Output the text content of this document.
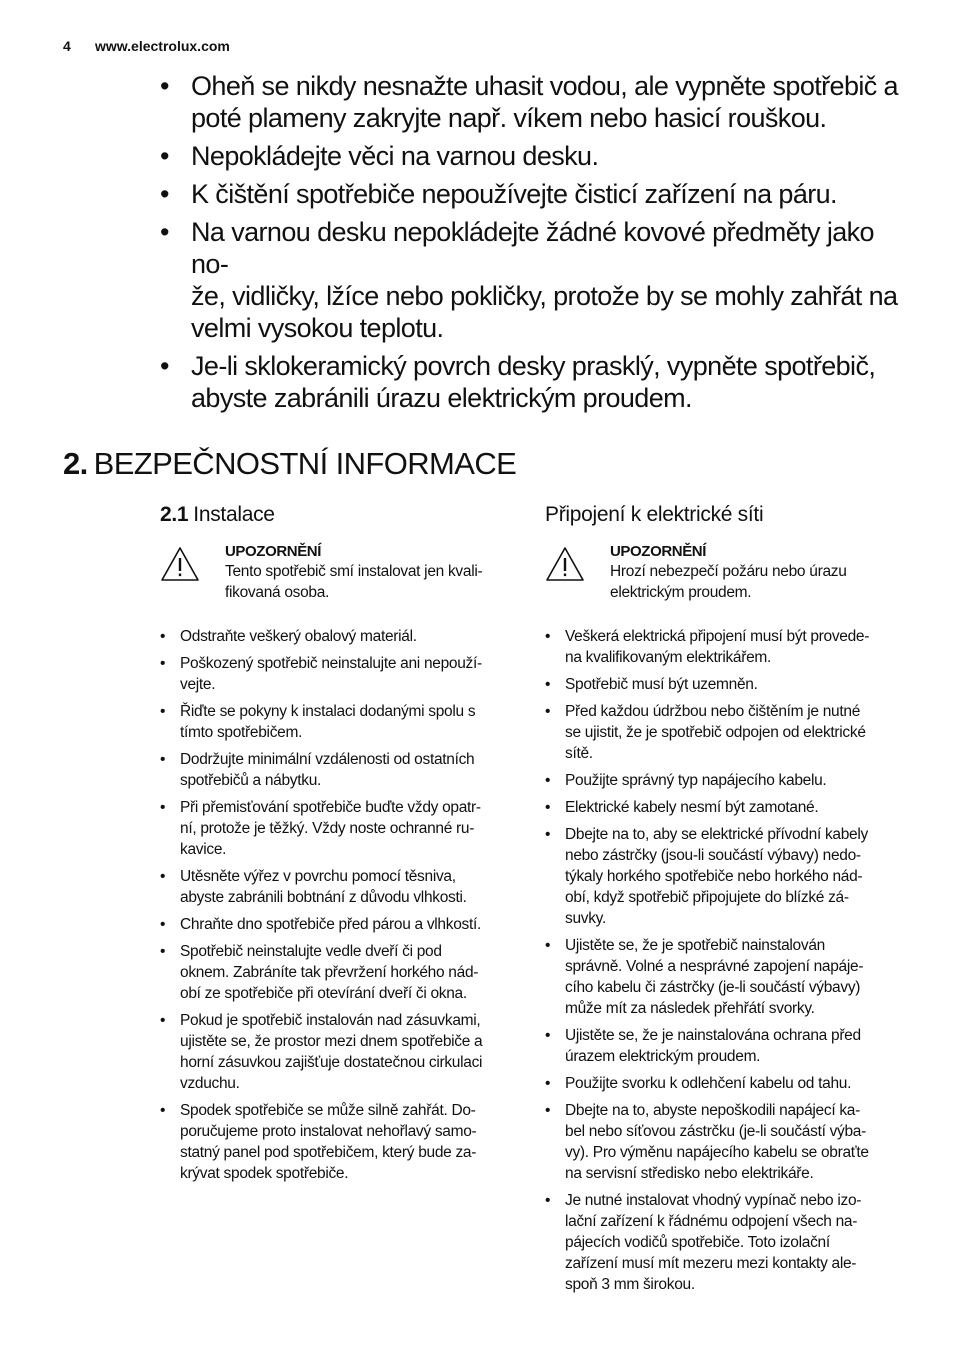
4 www.electrolux.com
• Oheň se nikdy nesnažte uhasit vodou, ale vypněte spotřebič a
poté plameny zakryjte např. víkem nebo hasicí rouškou.
• Nepokládejte věci na varnou desku.
• K čištění spotřebiče nepoužívejte čisticí zařízení na páru.
• Na varnou desku nepokládejte žádné kovové předměty jako no-
že, vidličky, lžíce nebo pokličky, protože by se mohly zahřát na
velmi vysokou teplotu.
• Je-li sklokeramický povrch desky prasklý, vypněte spotřebič,
abyste zabránili úrazu elektrickým proudem.
2. BEZPEČNOSTNÍ INFORMACE
2.1 Instalace
UPOZORNĚNÍ
Tento spotřebič smí instalovat jen kvali-
fikovaná osoba.
• Odstraňte veškerý obalový materiál.
• Poškozený spotřebič neinstalujte ani nepouží-
vejte.
• Řiďte se pokyny k instalaci dodanými spolu s
tímto spotřebičem.
• Dodržujte minimální vzdálenosti od ostatních
spotřebičů a nábytku.
• Při přemisťování spotřebiče buďte vždy opatr-
ní, protože je těžký. Vždy noste ochranné ru-
kavice.
• Utěsněte výřez v povrchu pomocí těsniva,
abyste zabránili bobtnání z důvodu vlhkosti.
• Chraňte dno spotřebiče před párou a vlhkostí.
• Spotřebič neinstalujte vedle dveří či pod
oknem. Zabráníte tak převržení horkého nád-
obí ze spotřebiče při otevírání dveří či okna.
• Pokud je spotřebič instalován nad zásuvkami,
ujistěte se, že prostor mezi dnem spotřebiče a
horní zásuvkou zajišťuje dostatečnou cirkulaci
vzduchu.
• Spodek spotřebiče se může silně zahřát. Do-
poručujeme proto instalovat nehořlavý samo-
statný panel pod spotřebičem, který bude za-
krývat spodek spotřebiče.
Připojení k elektrické síti
UPOZORNĚNÍ
Hrozí nebezpečí požáru nebo úrazu
elektrickým proudem.
• Veškerá elektrická připojení musí být provede-
na kvalifikovaným elektrikářem.
• Spotřebič musí být uzemněn.
• Před každou údržbou nebo čištěním je nutné
se ujistit, že je spotřebič odpojen od elektrické
sítě.
• Použijte správný typ napájecího kabelu.
• Elektrické kabely nesmí být zamotané.
• Dbejte na to, aby se elektrické přívodní kabely
nebo zástrčky (jsou-li součástí výbavy) nedo-
týkaly horkého spotřebiče nebo horkého nád-
obí, když spotřebič připojujete do blízké zá-
suvky.
• Ujistěte se, že je spotřebič nainstalován
správně. Volné a nesprávné zapojení napáje-
cího kabelu či zástrčky (je-li součástí výbavy)
může mít za následek přehřátí svorky.
• Ujistěte se, že je nainstalována ochrana před
úrazem elektrickým proudem.
• Použijte svorku k odlehčení kabelu od tahu.
• Dbejte na to, abyste nepoškodili napájecí ka-
bel nebo síťovou zástrčku (je-li součástí výba-
vy). Pro výměnu napájecího kabelu se obraťte
na servisní středisko nebo elektrikáře.
• Je nutné instalovat vhodný vypínač nebo izo-
lační zařízení k řádnému odpojení všech na-
pájecích vodičů spotřebiče. Toto izolační
zařízení musí mít mezeru mezi kontakty ale-
spoň 3 mm širokou.
